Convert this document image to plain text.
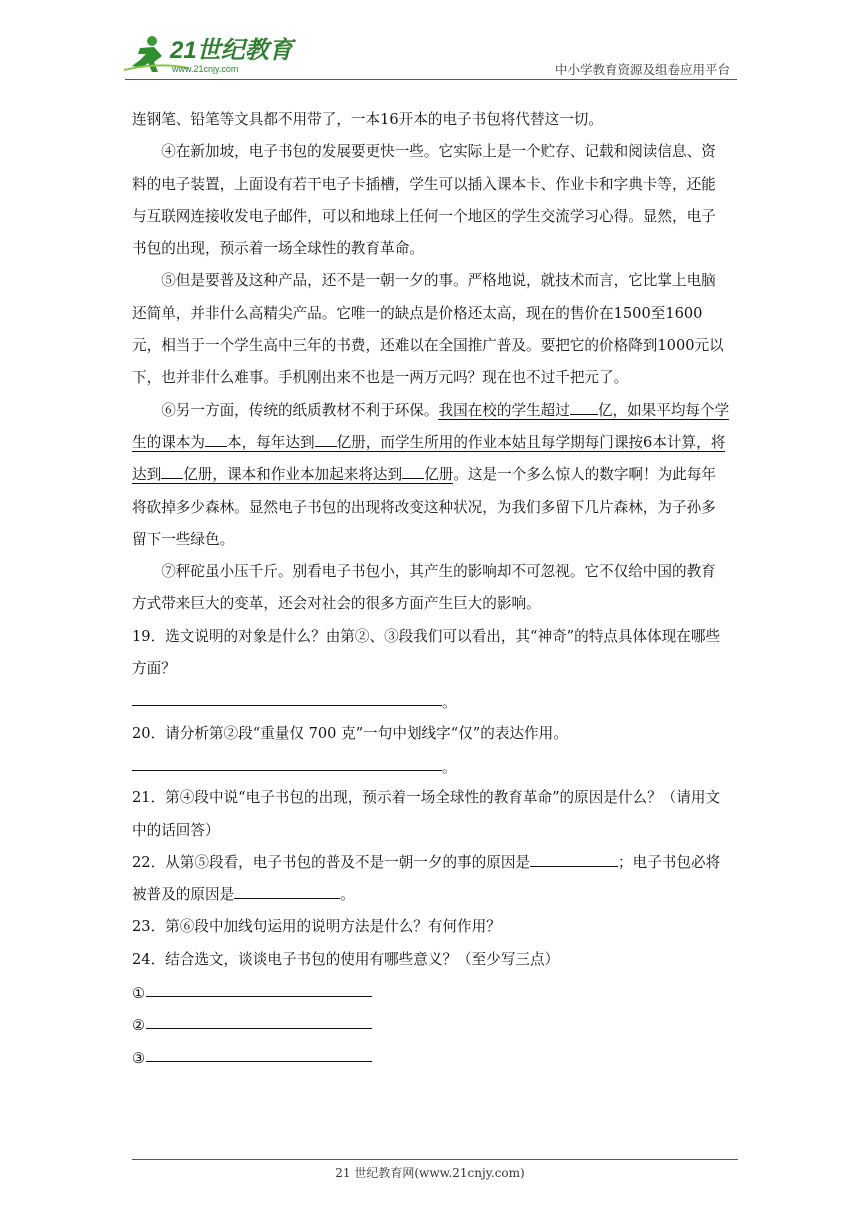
21世纪教育
www.21cnjy.com	中小学教育资源及组卷应用平台

连钢笔、铅笔等文具都不用带了，一本16开本的电子书包将代替这一切。

④在新加坡，电子书包的发展要更快一些。它实际上是一个贮存、记载和阅读信息、资料的电子装置，上面设有若干电子卡插槽，学生可以插入课本卡、作业卡和字典卡等，还能与互联网连接收发电子邮件，可以和地球上任何一个地区的学生交流学习心得。显然，电子书包的出现，预示着一场全球性的教育革命。

⑤但是要普及这种产品，还不是一朝一夕的事。严格地说，就技术而言，它比掌上电脑还简单，并非什么高精尖产品。它唯一的缺点是价格还太高，现在的售价在1500至1600元，相当于一个学生高中三年的书费，还难以在全国推广普及。要把它的价格降到1000元以下，也并非什么难事。手机刚出来不也是一两万元吗？现在也不过千把元了。

⑥另一方面，传统的纸质教材不利于环保。我国在校的学生超过 亿，如果平均每个学生的课本为 本，每年达到 亿册，而学生所用的作业本姑且每学期每门课按6本计算，将达到 亿册，课本和作业本加起来将达到 亿册。这是一个多么惊人的数字啊！为此每年将砍掉多少森林。显然电子书包的出现将改变这种状况，为我们多留下几片森林，为子孙多留下一些绿色。

⑦秤砣虽小压千斤。别看电子书包小，其产生的影响却不可忽视。它不仅给中国的教育方式带来巨大的变革，还会对社会的很多方面产生巨大的影响。

19．选文说明的对象是什么？由第②、③段我们可以看出，其“神奇”的特点具体体现在哪些方面？

。

20．请分析第②段“重量仅 700 克”一句中划线字“仅”的表达作用。

。

21．第④段中说“电子书包的出现，预示着一场全球性的教育革命”的原因是什么？（请用文中的话回答）

22．从第⑤段看，电子书包的普及不是一朝一夕的事的原因是	；电子书包必将被普及的原因是	。

23．第⑥段中加线句运用的说明方法是什么？有何作用？

24．结合选文，谈谈电子书包的使用有哪些意义？（至少写三点）

①
②
③
21 世纪教育网(www.21cnjy.com)
